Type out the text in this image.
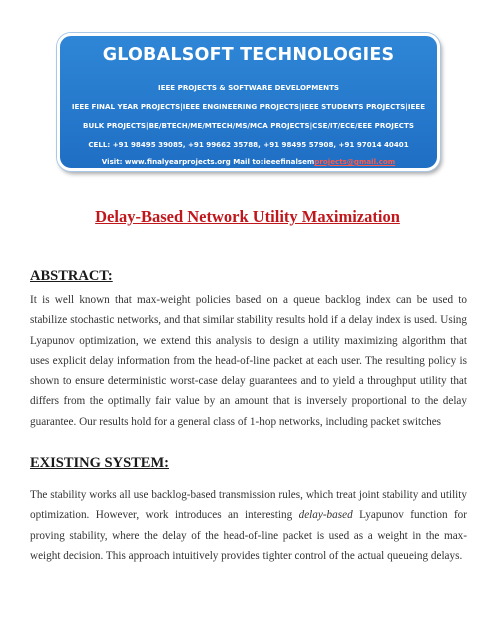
GLOBALSOFT TECHNOLOGIES
IEEE PROJECTS & SOFTWARE DEVELOPMENTS
IEEE FINAL YEAR PROJECTS|IEEE ENGINEERING PROJECTS|IEEE STUDENTS PROJECTS|IEEE
BULK PROJECTS|BE/BTECH/ME/MTECH/MS/MCA PROJECTS|CSE/IT/ECE/EEE PROJECTS
CELL: +91 98495 39085, +91 99662 35788, +91 98495 57908, +91 97014 40401
Visit: www.finalyearprojects.org Mail to:ieeefinalsemprojects@gmail.com
Delay-Based Network Utility Maximization
ABSTRACT:
It is well known that max-weight policies based on a queue backlog index can be used to stabilize stochastic networks, and that similar stability results hold if a delay index is used. Using Lyapunov optimization, we extend this analysis to design a utility maximizing algorithm that uses explicit delay information from the head-of-line packet at each user. The resulting policy is shown to ensure deterministic worst-case delay guarantees and to yield a throughput utility that differs from the optimally fair value by an amount that is inversely proportional to the delay guarantee. Our results hold for a general class of 1-hop networks, including packet switches
EXISTING SYSTEM:
The stability works all use backlog-based transmission rules, which treat joint stability and utility optimization. However, work introduces an interesting delay-based Lyapunov function for proving stability, where the delay of the head-of-line packet is used as a weight in the max-weight decision. This approach intuitively provides tighter control of the actual queueing delays.
